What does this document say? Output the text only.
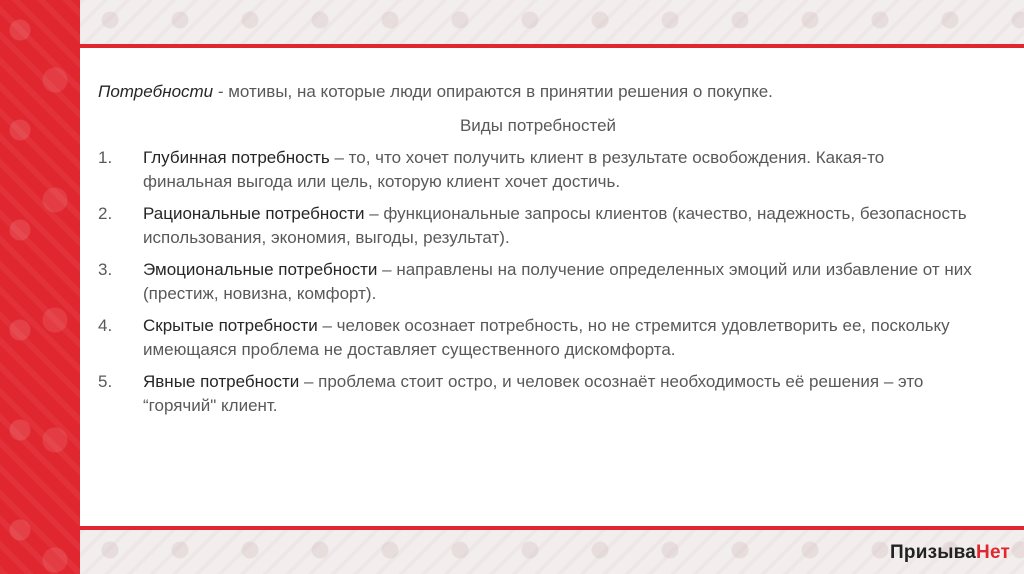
Потребности - мотивы, на которые люди опираются в принятии решения о покупке.

Виды потребностей
1.	Глубинная потребность – то, что хочет получить клиент в результате освобождения. Какая-то финальная выгода или цель, которую клиент хочет достичь.
2.	Рациональные потребности – функциональные запросы клиентов (качество, надежность, безопасность использования, экономия, выгоды, результат).
3.	Эмоциональные потребности – направлены на получение определенных эмоций или избавление от них (престиж, новизна, комфорт).
4.	Скрытые потребности – человек осознает потребность, но не стремится удовлетворить ее, поскольку имеющаяся проблема не доставляет существенного дискомфорта.
5.	Явные потребности – проблема стоит остро, и человек осознаёт необходимость её решения – это “горячий" клиент.
ПризываНет
